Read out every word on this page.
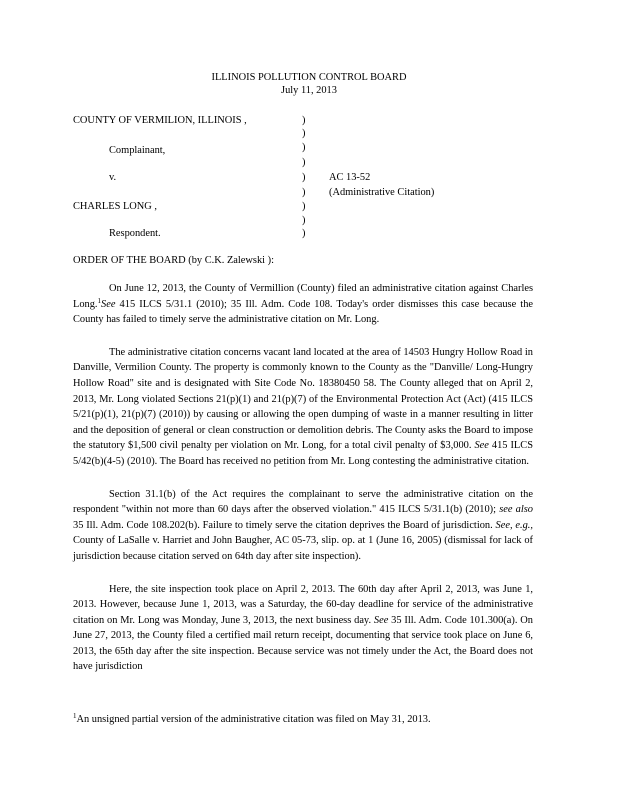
ILLINOIS POLLUTION CONTROL BOARD
July 11, 2013
COUNTY OF VERMILION, ILLINOIS ,
Complainant,
v.
CHARLES LONG ,
Respondent.
AC 13-52
(Administrative Citation)
)
)
)
)
)
)
)
)
)
ORDER OF THE BOARD (by C.K. Zalewski ):

On June 12, 2013, the County of Vermillion (County) filed an administrative citation against Charles Long.$^1$See 415 ILCS 5/31.1 (2010); 35 Ill. Adm. Code 108. Today's order dismisses this case because the County has failed to timely serve the administrative citation on Mr. Long.

The administrative citation concerns vacant land located at the area of 14503 Hungry Hollow Road in Danville, Vermilion County. The property is commonly known to the County as the "Danville/ Long-Hungry Hollow Road" site and is designated with Site Code No. 18380450 58. The County alleged that on April 2, 2013, Mr. Long violated Sections 21(p)(1) and 21(p)(7) of the Environmental Protection Act (Act) (415 ILCS 5/21(p)(1), 21(p)(7) (2010)) by causing or allowing the open dumping of waste in a manner resulting in litter and the deposition of general or clean construction or demolition debris. The County asks the Board to impose the statutory $1,500 civil penalty per violation on Mr. Long, for a total civil penalty of $3,000. See 415 ILCS 5/42(b)(4-5) (2010). The Board has received no petition from Mr. Long contesting the administrative citation.

Section 31.1(b) of the Act requires the complainant to serve the administrative citation on the respondent "within not more than 60 days after the observed violation." 415 ILCS 5/31.1(b) (2010); see also 35 Ill. Adm. Code 108.202(b). Failure to timely serve the citation deprives the Board of jurisdiction. See, e.g., County of LaSalle v. Harriet and John Baugher, AC 05-73, slip. op. at 1 (June 16, 2005) (dismissal for lack of jurisdiction because citation served on 64th day after site inspection).

Here, the site inspection took place on April 2, 2013. The 60th day after April 2, 2013, was June 1, 2013. However, because June 1, 2013, was a Saturday, the 60-day deadline for service of the administrative citation on Mr. Long was Monday, June 3, 2013, the next business day. See 35 Ill. Adm. Code 101.300(a). On June 27, 2013, the County filed a certified mail return receipt, documenting that service took place on June 6, 2013, the 65th day after the site inspection. Because service was not timely under the Act, the Board does not have jurisdiction

$^1$An unsigned partial version of the administrative citation was filed on May 31, 2013.
